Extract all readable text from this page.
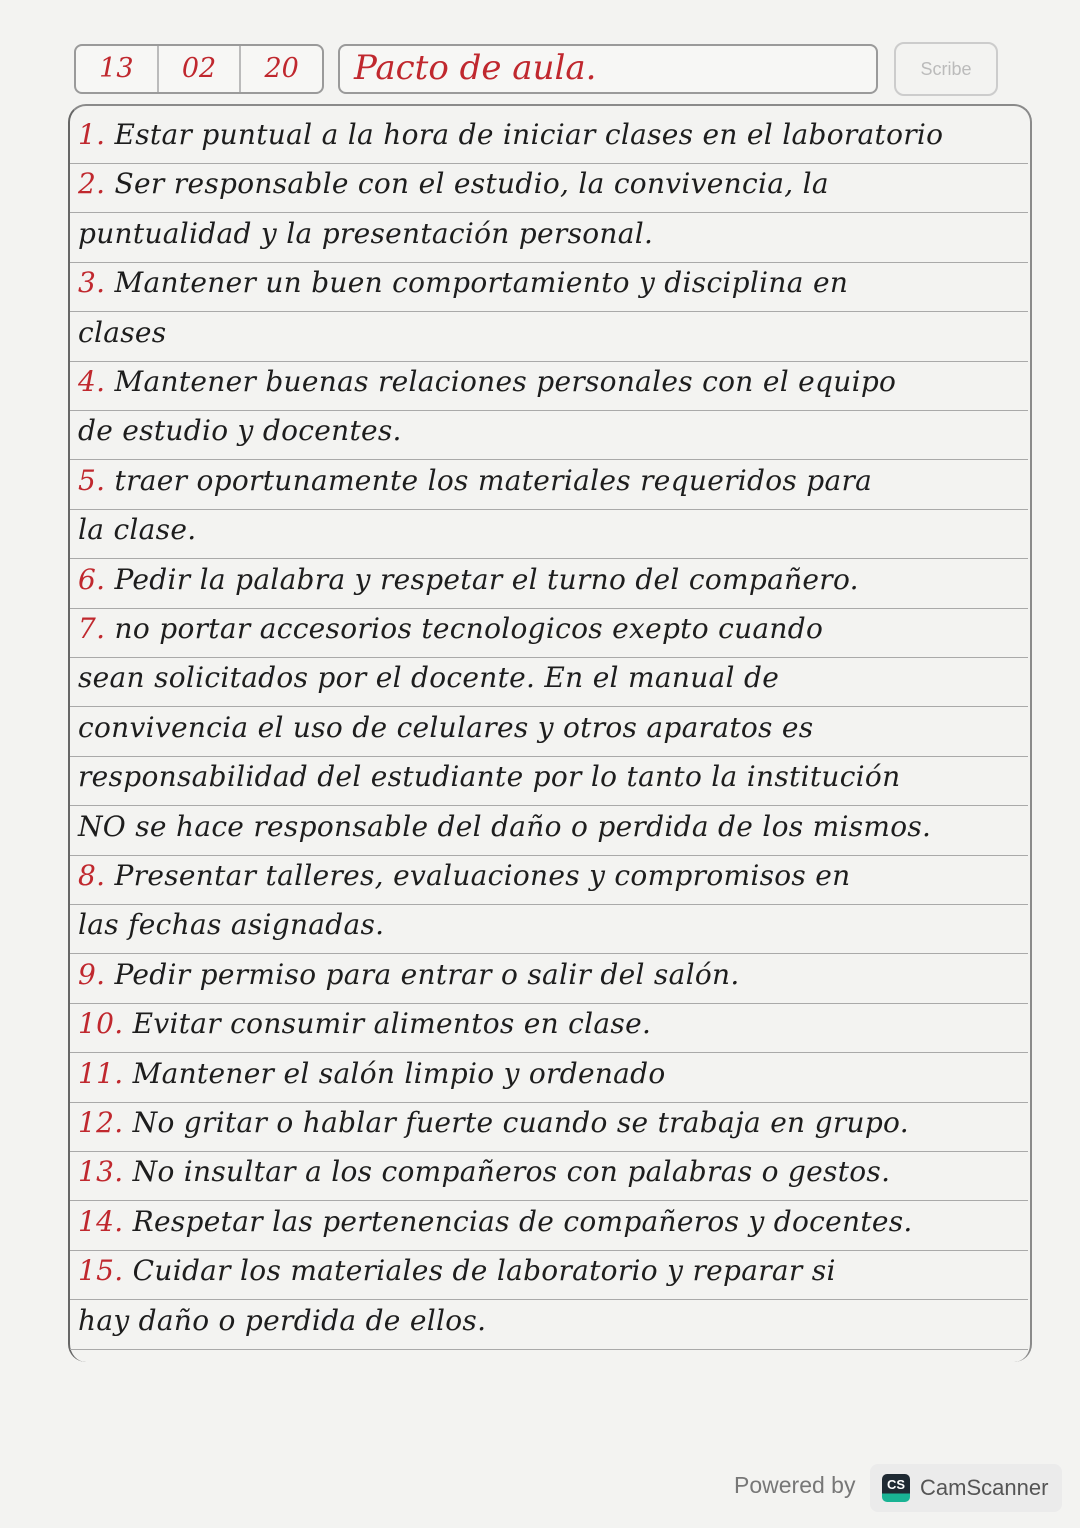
13	02	20	Pacto de aula.	Scribe
1. Estar puntual a la hora de iniciar clases en el laboratorio
2. Ser responsable con el estudio, la convivencia, la
puntualidad y la presentación personal.
3. Mantener un buen comportamiento y disciplina en
clases
4. Mantener buenas relaciones personales con el equipo
de estudio y docentes.
5. traer oportunamente los materiales requeridos para
la clase.
6. Pedir la palabra y respetar el turno del compañero.
7. no portar accesorios tecnologicos exepto cuando
sean solicitados por el docente. En el manual de
convivencia el uso de celulares y otros aparatos es
responsabilidad del estudiante por lo tanto la institución
NO se hace responsable del daño o perdida de los mismos.
8. Presentar talleres, evaluaciones y compromisos en
las fechas asignadas.
9. Pedir permiso para entrar o salir del salón.
10. Evitar consumir alimentos en clase.
11. Mantener el salón limpio y ordenado
12. No gritar o hablar fuerte cuando se trabaja en grupo.
13. No insultar a los compañeros con palabras o gestos.
14. Respetar las pertenencias de compañeros y docentes.
15. Cuidar los materiales de laboratorio y reparar si
hay daño o perdida de ellos.
Powered by	CS CamScanner
